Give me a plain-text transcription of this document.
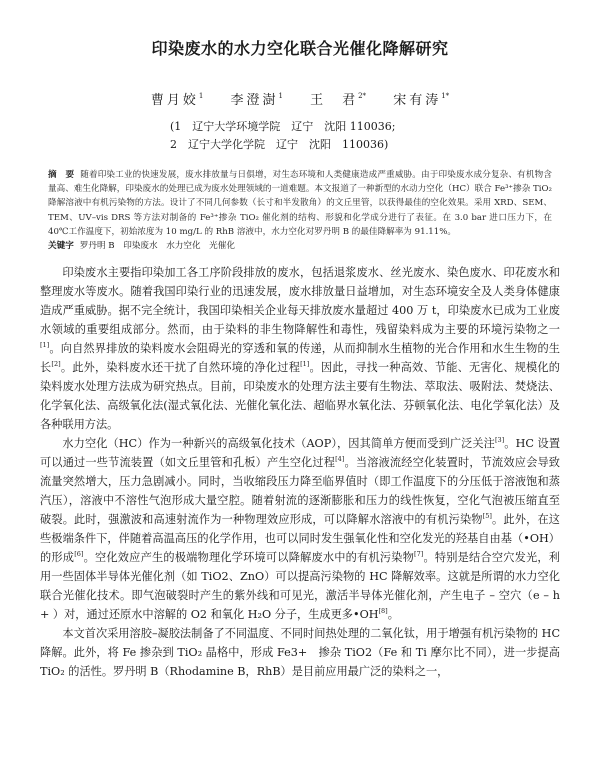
印染废水的水力空化联合光催化降解研究
曹月姣$^1$ 李澄澍$^1$ 王　君$^{2*}$ 宋有涛$^{1*}$
(1　辽宁大学环境学院　辽宁　沈阳 110036;
2　辽宁大学化学院　辽宁　沈阳　110036)
摘　要 随着印染工业的快速发展，废水排放量与日俱增，对生态环境和人类健康造成严重威胁。由于印染废水成分复杂、有机物含量高、难生化降解，印染废水的处理已成为废水处理领域的一道难题。本文报道了一种新型的水动力空化（HC）联合 Fe³⁺掺杂 TiO₂ 降解溶液中有机污染物的方法。设计了不同几何参数（长寸和半发散角）的文丘里管，以获得最佳的空化效果。采用 XRD、SEM、TEM、UV–vis DRS 等方法对制备的 Fe³⁺掺杂 TiO₂ 催化剂的结构、形貌和化学成分进行了表征。在 3.0 bar 进口压力下，在 40℃工作温度下，初始浓度为 10 mg/L 的 RhB 溶液中，水力空化对罗丹明 B 的最佳降解率为 91.11%。
关键字 罗丹明 B　印染废水　水力空化　光催化

印染废水主要指印染加工各工序阶段排放的废水，包括退浆废水、丝光废水、染色废水、印花废水和整理废水等废水。随着我国印染行业的迅速发展，废水排放量日益增加，对生态环境安全及人类身体健康造成严重威胁。据不完全统计，我国印染相关企业每天排放废水量超过 400 万 t，印染废水已成为工业废水领域的重要组成部分。然而，由于染料的非生物降解性和毒性，残留染料成为主要的环境污染物之一[1]。向自然界排放的染料废水会阻碍光的穿透和氧的传递，从而抑制水生植物的光合作用和水生生物的生长[2]。此外，染料废水还干扰了自然环境的净化过程[1]。因此，寻找一种高效、节能、无害化、规模化的染料废水处理方法成为研究热点。目前，印染废水的处理方法主要有生物法、萃取法、吸附法、焚烧法、化学氧化法、高级氧化法(湿式氧化法、光催化氧化法、超临界水氧化法、芬顿氧化法、电化学氧化法）及各种联用方法。

水力空化（HC）作为一种新兴的高级氧化技术（AOP），因其简单方便而受到广泛关注[3]。HC 设置可以通过一些节流装置（如文丘里管和孔板）产生空化过程[4]。当溶液流经空化装置时，节流效应会导致流量突然增大，压力急剧减小。同时，当收缩段压力降至临界值时（即工作温度下的分压低于溶液饱和蒸汽压），溶液中不溶性气泡形成大量空腔。随着射流的逐渐膨胀和压力的线性恢复，空化气泡被压缩直至破裂。此时，强激波和高速射流作为一种物理效应形成，可以降解水溶液中的有机污染物[5]。此外，在这些极端条件下，伴随着高温高压的化学作用，也可以同时发生强氧化性和空化发光的羟基自由基（•OH）的形成[6]。空化效应产生的极端物理化学环境可以降解废水中的有机污染物[7]。特别是结合空穴发光，利用一些固体半导体光催化剂（如 TiO2、ZnO）可以提高污染物的 HC 降解效率。这就是所谓的水力空化联合光催化技术。即气泡破裂时产生的紫外线和可见光，激活半导体光催化剂，产生电子 – 空穴（e – h + ）对，通过还原水中溶解的 O2 和氧化 H₂O 分子，生成更多•OH[8]。

本文首次采用溶胶–凝胶法制备了不同温度、不同时间热处理的二氧化钛，用于增强有机污染物的 HC 降解。此外，将 Fe 掺杂到 TiO₂ 晶格中，形成 Fe3+　掺杂 TiO2（Fe 和 Ti 摩尔比不同），进一步提高 TiO₂ 的活性。罗丹明 B（Rhodamine B，RhB）是目前应用最广泛的染料之一，
